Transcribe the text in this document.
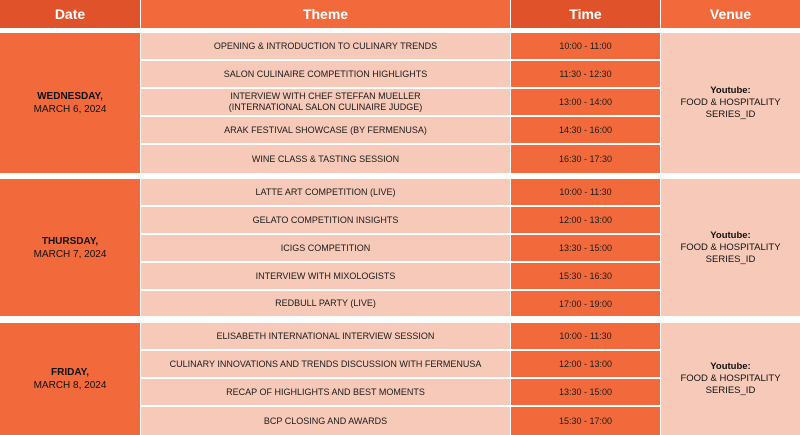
Date	Theme	Time	Venue
WEDNESDAY,
MARCH 6, 2024
OPENING & INTRODUCTION TO CULINARY TRENDS	10:00 - 11:00
SALON CULINAIRE COMPETITION HIGHLIGHTS	11:30 - 12:30
INTERVIEW WITH CHEF STEFFAN MUELLER
(INTERNATIONAL SALON CULINAIRE JUDGE)	13:00 - 14:00
ARAK FESTIVAL SHOWCASE (BY FERMENUSA)	14:30 - 16:00
WINE CLASS & TASTING SESSION	16:30 - 17:30
Youtube:
FOOD & HOSPITALITY
SERIES_ID
THURSDAY,
MARCH 7, 2024
LATTE ART COMPETITION (LIVE)	10:00 - 11:30
GELATO COMPETITION INSIGHTS	12:00 - 13:00
ICIGS COMPETITION	13:30 - 15:00
INTERVIEW WITH MIXOLOGISTS	15:30 - 16:30
REDBULL PARTY (LIVE)	17:00 - 19:00
Youtube:
FOOD & HOSPITALITY
SERIES_ID
FRIDAY,
MARCH 8, 2024
ELISABETH INTERNATIONAL INTERVIEW SESSION	10:00 - 11:30
CULINARY INNOVATIONS AND TRENDS DISCUSSION WITH FERMENUSA	12:00 - 13:00
RECAP OF HIGHLIGHTS AND BEST MOMENTS	13:30 - 15:00
BCP CLOSING AND AWARDS	15:30 - 17:00
Youtube:
FOOD & HOSPITALITY
SERIES_ID
